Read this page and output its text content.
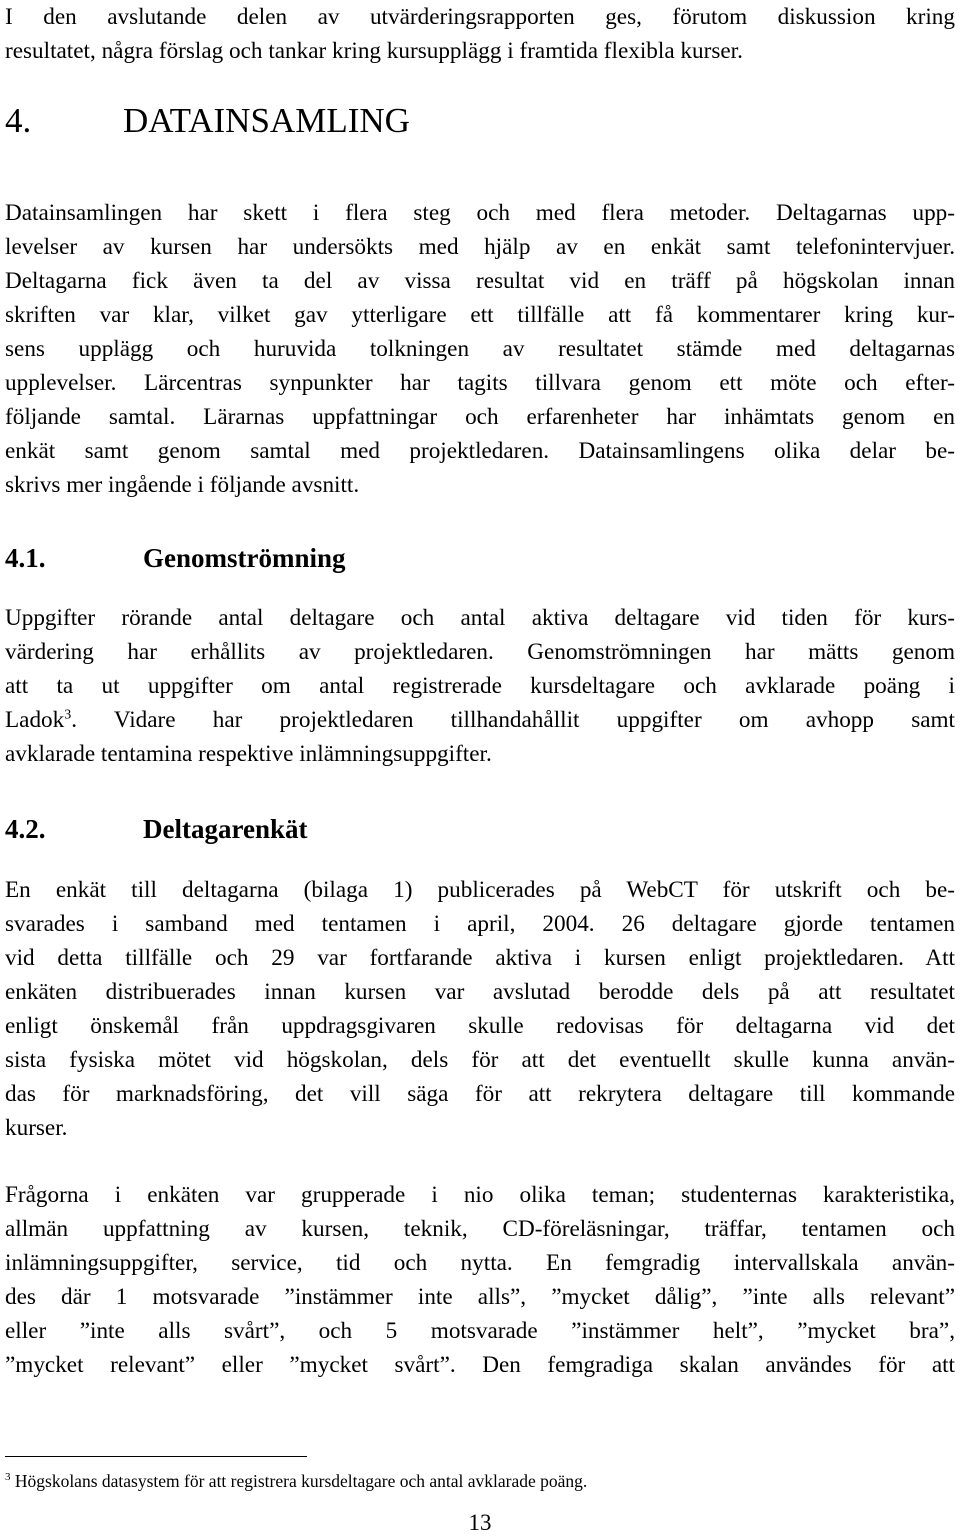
I den avslutande delen av utvärderingsrapporten ges, förutom diskussion kring
resultatet, några förslag och tankar kring kursupplägg i framtida flexibla kurser.
4.	DATAINSAMLING
Datainsamlingen har skett i flera steg och med flera metoder. Deltagarnas upp-
levelser av kursen har undersökts med hjälp av en enkät samt telefonintervjuer.
Deltagarna fick även ta del av vissa resultat vid en träff på högskolan innan
skriften var klar, vilket gav ytterligare ett tillfälle att få kommentarer kring kur-
sens upplägg och huruvida tolkningen av resultatet stämde med deltagarnas
upplevelser. Lärcentras synpunkter har tagits tillvara genom ett möte och efter-
följande samtal. Lärarnas uppfattningar och erfarenheter har inhämtats genom en
enkät samt genom samtal med projektledaren. Datainsamlingens olika delar be-
skrivs mer ingående i följande avsnitt.
4.1.	Genomströmning
Uppgifter rörande antal deltagare och antal aktiva deltagare vid tiden för kurs-
värdering har erhållits av projektledaren. Genomströmningen har mätts genom
att ta ut uppgifter om antal registrerade kursdeltagare och avklarade poäng i
Ladok$^3$. Vidare har projektledaren tillhandahållit uppgifter om avhopp samt
avklarade tentamina respektive inlämningsuppgifter.
4.2.	Deltagarenkät
En enkät till deltagarna (bilaga 1) publicerades på WebCT för utskrift och be-
svarades i samband med tentamen i april, 2004. 26 deltagare gjorde tentamen
vid detta tillfälle och 29 var fortfarande aktiva i kursen enligt projektledaren. Att
enkäten distribuerades innan kursen var avslutad berodde dels på att resultatet
enligt önskemål från uppdragsgivaren skulle redovisas för deltagarna vid det
sista fysiska mötet vid högskolan, dels för att det eventuellt skulle kunna använ-
das för marknadsföring, det vill säga för att rekrytera deltagare till kommande
kurser.
Frågorna i enkäten var grupperade i nio olika teman; studenternas karakteristika,
allmän uppfattning av kursen, teknik, CD-föreläsningar, träffar, tentamen och
inlämningsuppgifter, service, tid och nytta. En femgradig intervallskala använ-
des där 1 motsvarade ”instämmer inte alls”, ”mycket dålig”, ”inte alls relevant”
eller ”inte alls svårt”, och 5 motsvarade ”instämmer helt”, ”mycket bra”,
”mycket relevant” eller ”mycket svårt”. Den femgradiga skalan användes för att
$^3$ Högskolans datasystem för att registrera kursdeltagare och antal avklarade poäng.
13
